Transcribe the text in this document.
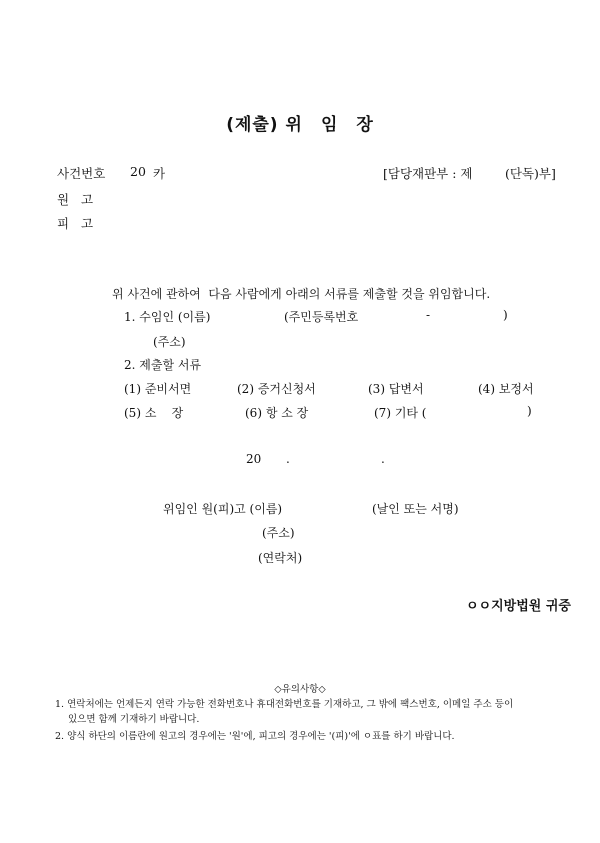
(제출) 위 임 장
사건번호 20 카	[담당재판부 : 제	(단독)부]
원   고
피   고
위 사건에 관하여  다음 사람에게 아래의 서류를 제출할 것을 위임합니다.
1. 수임인 (이름)	(주민등록번호	-	)
(주소)
2. 제출할 서류
(1) 준비서면	(2) 증거신청서	(3) 답변서	(4) 보정서
(5) 소    장	(6) 항 소 장	(7) 기타 (	)
20 .	.
위임인 원(피)고 (이름)	(날인 또는 서명)
(주소)
(연락처)
ㅇㅇ지방법원 귀중
◇유의사항◇
1. 연락처에는 언제든지 연락 가능한 전화번호나 휴대전화번호를 기재하고, 그 밖에 팩스번호, 이메일 주소 등이
있으면 함께 기재하기 바랍니다.
2. 양식 하단의 이름란에 원고의 경우에는 '원'에, 피고의 경우에는 '(피)'에 ㅇ표를 하기 바랍니다.
